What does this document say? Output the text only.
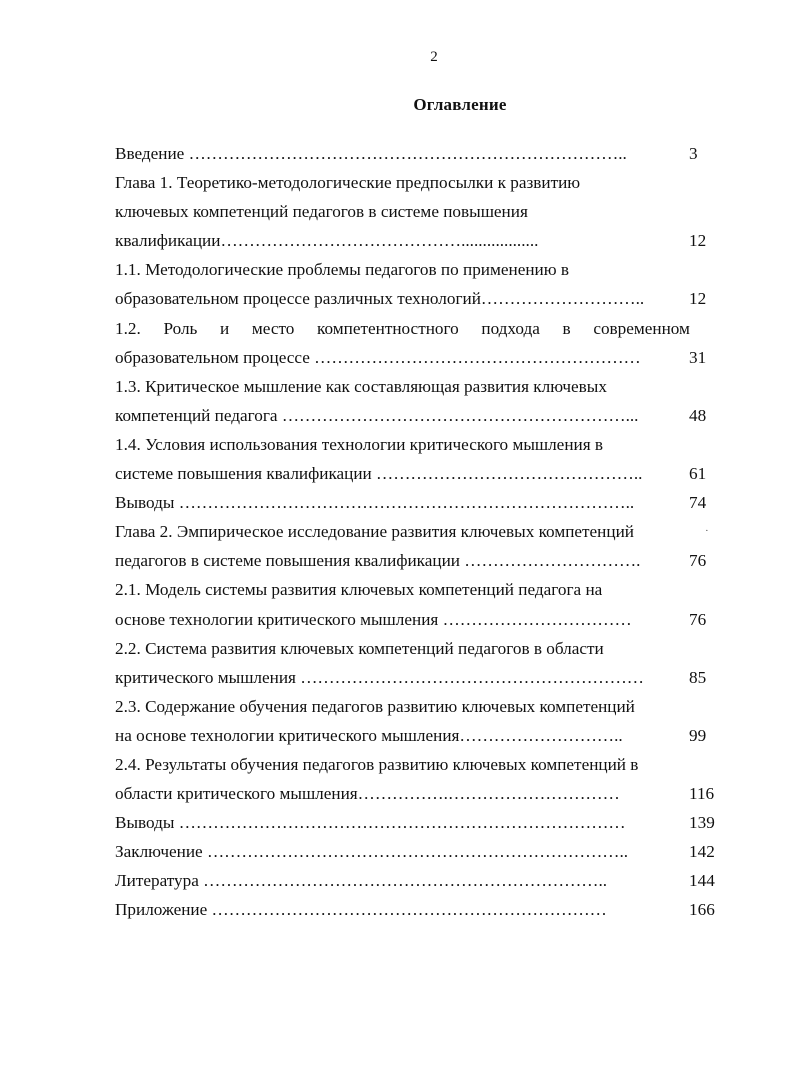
2
Оглавление
Введение …………………………………………………………………..	3
Глава 1. Теоретико-методологические предпосылки к развитию
ключевых компетенций педагогов в системе повышения
квалификации……………………………………..................	12
1.1. Методологические проблемы педагогов по применению в
образовательном процессе различных технологий………………………..	12
1.2. Роль и место компетентностного подхода в современном
образовательном процессе …………………………………………………	31
1.3. Критическое мышление как составляющая развития ключевых
компетенций педагога ……………………………………………………...	48
1.4. Условия использования технологии критического мышления в
системе повышения квалификации ………………………………………..	61
Выводы ……………………………………………………………………..	74
Глава 2. Эмпирическое исследование развития ключевых компетенций	·
педагогов в системе повышения квалификации ………………………….	76
2.1. Модель системы развития ключевых компетенций педагога на
основе технологии критического мышления ……………………………	76
2.2. Система развития ключевых компетенций педагогов в области
критического мышления ……………………………………………………	85
2.3. Содержание обучения педагогов развитию ключевых компетенций
на основе технологии критического мышления………………………..	99
2.4. Результаты обучения педагогов развитию ключевых компетенций в
области критического мышления…………….…………………………	116
Выводы ……………………………………………………………………	139
Заключение ………………………………………………………………..	142
Литература ……………………………………………………………..	144
Приложение ……………………………………………………………	166
